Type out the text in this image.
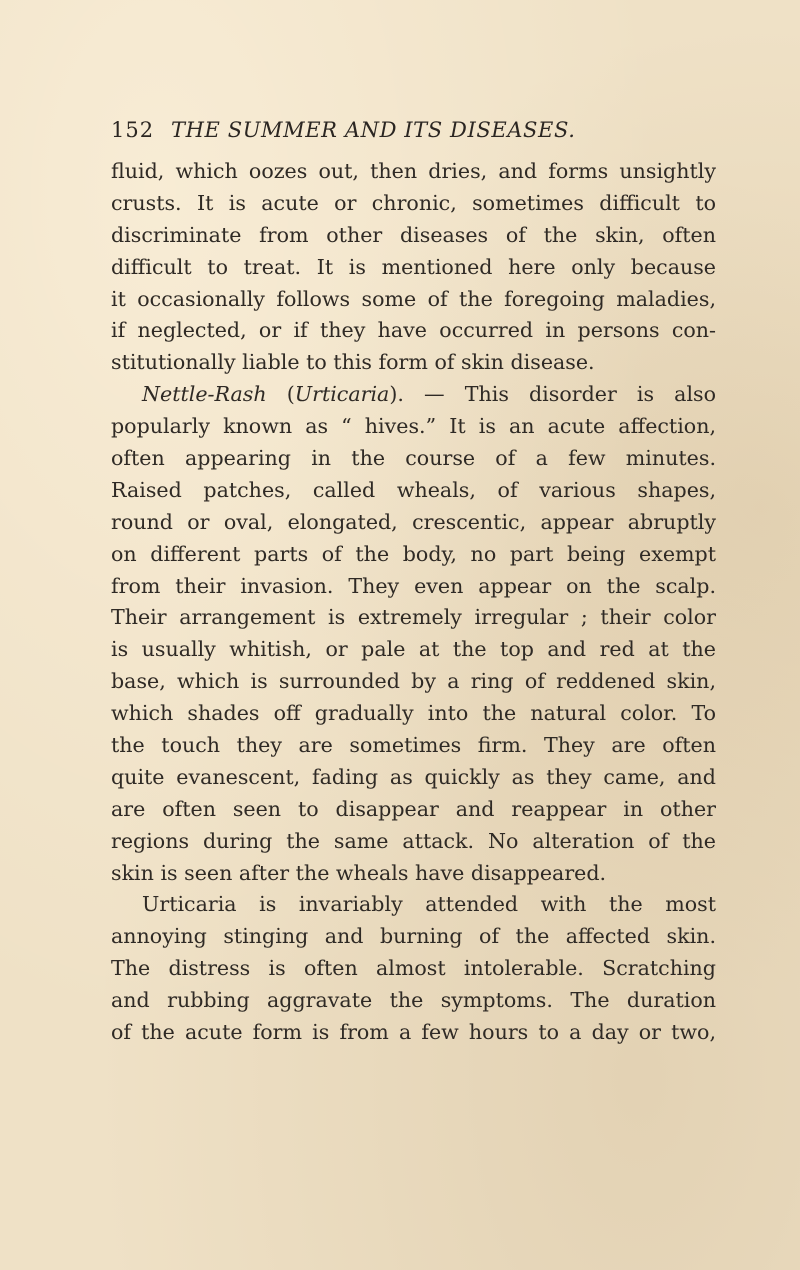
152 THE SUMMER AND ITS DISEASES.
fluid, which oozes out, then dries, and forms unsightly
crusts. It is acute or chronic, sometimes difficult to
discriminate from other diseases of the skin, often
difficult to treat. It is mentioned here only because
it occasionally follows some of the foregoing maladies,
if neglected, or if they have occurred in persons con-
stitutionally liable to this form of skin disease.
Nettle-Rash (Urticaria). — This disorder is also
popularly known as “ hives.” It is an acute affection,
often appearing in the course of a few minutes.
Raised patches, called wheals, of various shapes,
round or oval, elongated, crescentic, appear abruptly
on different parts of the body, no part being exempt
from their invasion. They even appear on the scalp.
Their arrangement is extremely irregular ; their color
is usually whitish, or pale at the top and red at the
base, which is surrounded by a ring of reddened skin,
which shades off gradually into the natural color. To
the touch they are sometimes firm. They are often
quite evanescent, fading as quickly as they came, and
are often seen to disappear and reappear in other
regions during the same attack. No alteration of the
skin is seen after the wheals have disappeared.
Urticaria is invariably attended with the most
annoying stinging and burning of the affected skin.
The distress is often almost intolerable. Scratching
and rubbing aggravate the symptoms. The duration
of the acute form is from a few hours to a day or two,
